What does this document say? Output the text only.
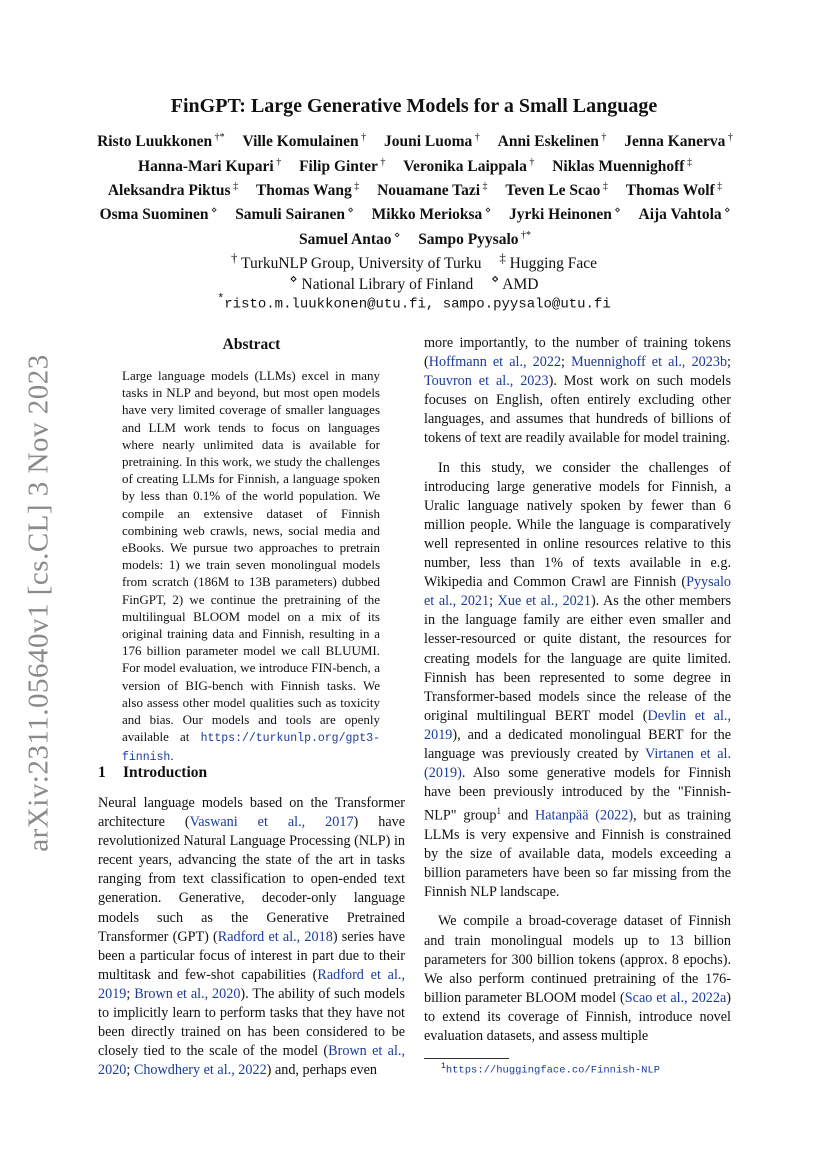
arXiv:2311.05640v1 [cs.CL] 3 Nov 2023
FinGPT: Large Generative Models for a Small Language
Risto Luukkonen †* Ville Komulainen † Jouni Luoma † Anni Eskelinen † Jenna Kanerva † Hanna-Mari Kupari † Filip Ginter † Veronika Laippala † Niklas Muennighoff ‡ Aleksandra Piktus ‡ Thomas Wang ‡ Nouamane Tazi ‡ Teven Le Scao ‡ Thomas Wolf ‡ Osma Suominen ⋄ Samuli Sairanen ⋄ Mikko Merioksa ⋄ Jyrki Heinonen ⋄ Aija Vahtola ⋄ Samuel Antao ⋄ Sampo Pyysalo †*
† TurkuNLP Group, University of Turku ‡ Hugging Face
⋄ National Library of Finland ⋄ AMD
*risto.m.luukkonen@utu.fi, sampo.pyysalo@utu.fi
Abstract
Large language models (LLMs) excel in many tasks in NLP and beyond, but most open models have very limited coverage of smaller languages and LLM work tends to focus on languages where nearly unlimited data is available for pretraining. In this work, we study the challenges of creating LLMs for Finnish, a language spoken by less than 0.1% of the world population. We compile an extensive dataset of Finnish combining web crawls, news, social media and eBooks. We pursue two approaches to pretrain models: 1) we train seven monolingual models from scratch (186M to 13B parameters) dubbed FinGPT, 2) we continue the pretraining of the multilingual BLOOM model on a mix of its original training data and Finnish, resulting in a 176 billion parameter model we call BLUUMI. For model evaluation, we introduce FIN-bench, a version of BIG-bench with Finnish tasks. We also assess other model qualities such as toxicity and bias. Our models and tools are openly available at https://turkunlp.org/gpt3-finnish.
1 Introduction
Neural language models based on the Transformer architecture (Vaswani et al., 2017) have revolutionized Natural Language Processing (NLP) in recent years, advancing the state of the art in tasks ranging from text classification to open-ended text generation. Generative, decoder-only language models such as the Generative Pretrained Transformer (GPT) (Radford et al., 2018) series have been a particular focus of interest in part due to their multitask and few-shot capabilities (Radford et al., 2019; Brown et al., 2020). The ability of such models to implicitly learn to perform tasks that they have not been directly trained on has been considered to be closely tied to the scale of the model (Brown et al., 2020; Chowdhery et al., 2022) and, perhaps even

more importantly, to the number of training tokens (Hoffmann et al., 2022; Muennighoff et al., 2023b; Touvron et al., 2023). Most work on such models focuses on English, often entirely excluding other languages, and assumes that hundreds of billions of tokens of text are readily available for model training.

In this study, we consider the challenges of introducing large generative models for Finnish, a Uralic language natively spoken by fewer than 6 million people. While the language is comparatively well represented in online resources relative to this number, less than 1% of texts available in e.g. Wikipedia and Common Crawl are Finnish (Pyysalo et al., 2021; Xue et al., 2021). As the other members in the language family are either even smaller and lesser-resourced or quite distant, the resources for creating models for the language are quite limited. Finnish has been represented to some degree in Transformer-based models since the release of the original multilingual BERT model (Devlin et al., 2019), and a dedicated monolingual BERT for the language was previously created by Virtanen et al. (2019). Also some generative models for Finnish have been previously introduced by the "Finnish-NLP" group$^1$ and Hatanpää (2022), but as training LLMs is very expensive and Finnish is constrained by the size of available data, models exceeding a billion parameters have been so far missing from the Finnish NLP landscape.

We compile a broad-coverage dataset of Finnish and train monolingual models up to 13 billion parameters for 300 billion tokens (approx. 8 epochs). We also perform continued pretraining of the 176-billion parameter BLOOM model (Scao et al., 2022a) to extend its coverage of Finnish, introduce novel evaluation datasets, and assess multiple

$^1$https://huggingface.co/Finnish-NLP
